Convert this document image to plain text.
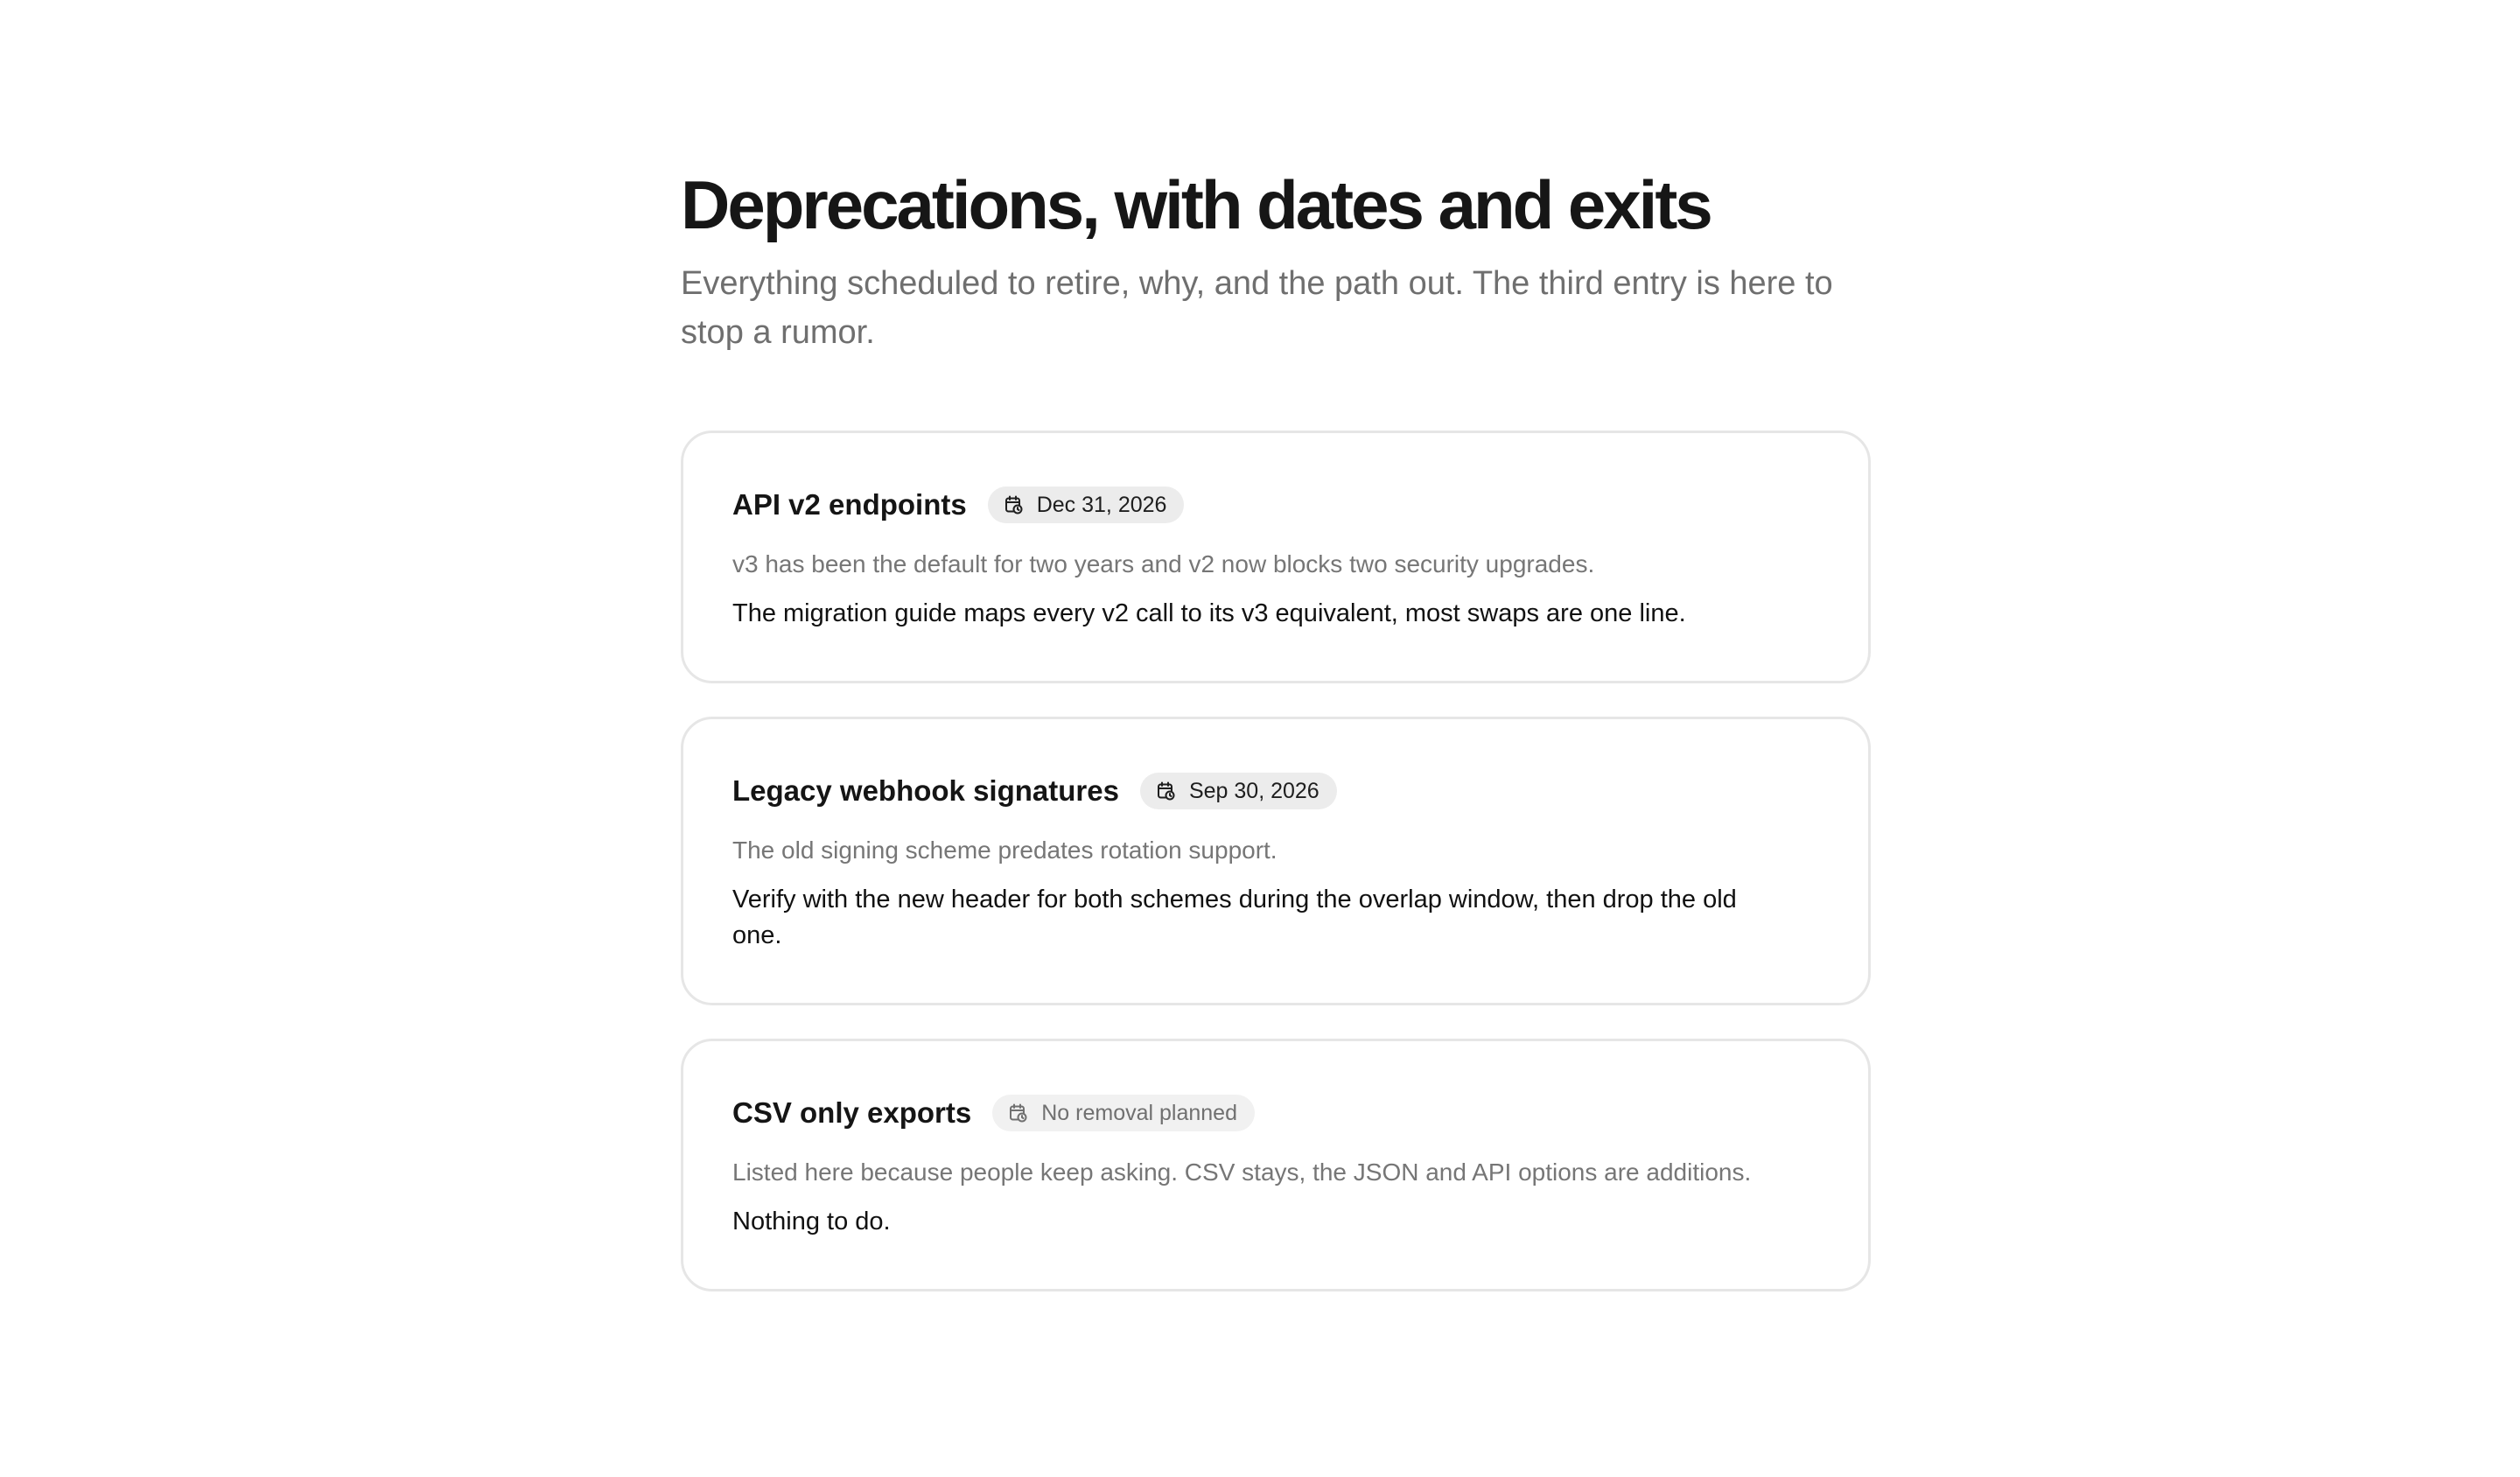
Deprecations, with dates and exits

Everything scheduled to retire, why, and the path out. The third entry is here to stop a rumor.

API v2 endpoints	Dec 31, 2026
v3 has been the default for two years and v2 now blocks two security upgrades.
The migration guide maps every v2 call to its v3 equivalent, most swaps are one line.
Legacy webhook signatures	Sep 30, 2026
The old signing scheme predates rotation support.
Verify with the new header for both schemes during the overlap window, then drop the old one.
CSV only exports	No removal planned
Listed here because people keep asking. CSV stays, the JSON and API options are additions.
Nothing to do.
